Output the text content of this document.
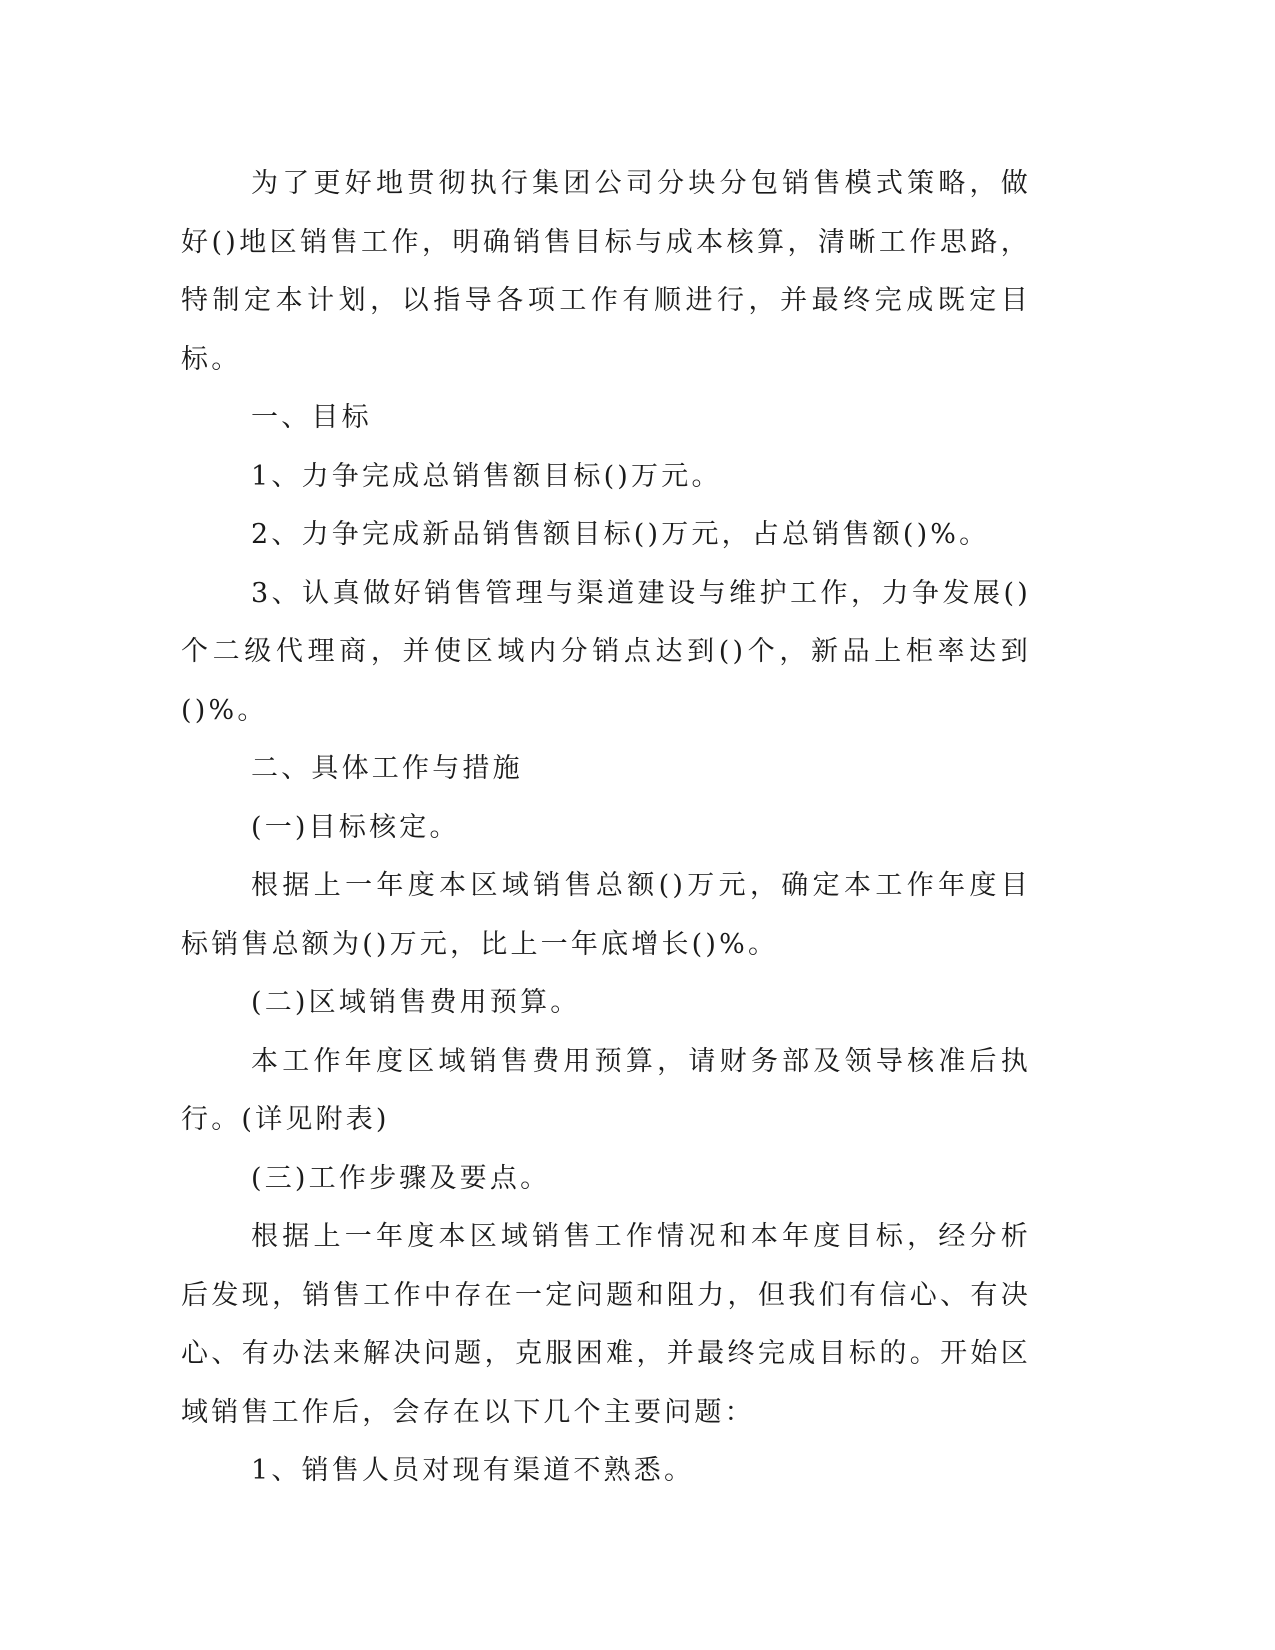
为了更好地贯彻执行集团公司分块分包销售模式策略，做好()地区销售工作，明确销售目标与成本核算，清晰工作思路，特制定本计划，以指导各项工作有顺进行，并最终完成既定目标。

一、目标

1、力争完成总销售额目标()万元。

2、力争完成新品销售额目标()万元，占总销售额()%。

3、认真做好销售管理与渠道建设与维护工作，力争发展()个二级代理商，并使区域内分销点达到()个，新品上柜率达到()%。

二、具体工作与措施

(一)目标核定。

根据上一年度本区域销售总额()万元，确定本工作年度目标销售总额为()万元，比上一年底增长()%。

(二)区域销售费用预算。

本工作年度区域销售费用预算，请财务部及领导核准后执行。(详见附表)

(三)工作步骤及要点。

根据上一年度本区域销售工作情况和本年度目标，经分析后发现，销售工作中存在一定问题和阻力，但我们有信心、有决心、有办法来解决问题，克服困难，并最终完成目标的。开始区域销售工作后，会存在以下几个主要问题：

1、销售人员对现有渠道不熟悉。
